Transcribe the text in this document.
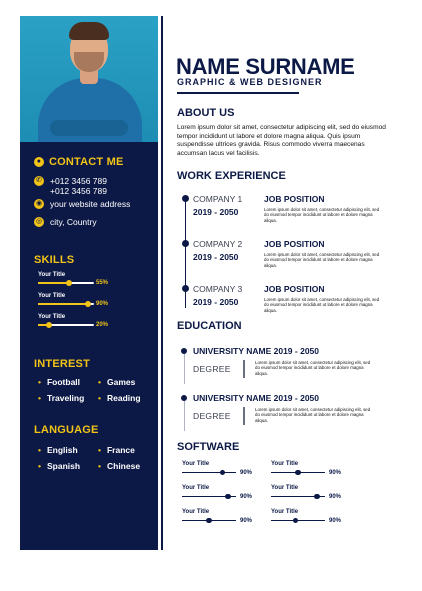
● CONTACT ME
✆ +012 3456 789
+012 3456 789
◉ your website address
◎ city, Country
SKILLS
Your Title
55%
Your Title
90%
Your Title
20%
INTEREST
• Football	• Games
• Traveling	• Reading
LANGUAGE
• English	• France
• Spanish	• Chinese
NAME SURNAME
GRAPHIC & WEB DESIGNER
ABOUT US
Lorem ipsum dolor sit amet, consectetur adipiscing elit, sed do eiusmod tempor incididunt ut labore et dolore magna aliqua. Quis ipsum suspendisse ultrices gravida. Risus commodo viverra maecenas accumsan lacus vel facilisis.
WORK EXPERIENCE
COMPANY 1
2019 - 2050
JOB POSITION
Lorem ipsum dolor sit amet, consectetur adipiscing elit, sed do eiusmod tempor incididunt ut labore et dolore magna aliqua.
COMPANY 2
2019 - 2050
JOB POSITION
Lorem ipsum dolor sit amet, consectetur adipiscing elit, sed do eiusmod tempor incididunt ut labore et dolore magna aliqua.
COMPANY 3
2019 - 2050
JOB POSITION
Lorem ipsum dolor sit amet, consectetur adipiscing elit, sed do eiusmod tempor incididunt ut labore et dolore magna aliqua.
EDUCATION
UNIVERSITY NAME 2019 - 2050
DEGREE
Lorem ipsum dolor sit amet, consectetur adipiscing elit, sed do eiusmod tempor incididunt ut labore et dolore magna aliqua.
UNIVERSITY NAME 2019 - 2050
DEGREE
Lorem ipsum dolor sit amet, consectetur adipiscing elit, sed do eiusmod tempor incididunt ut labore et dolore magna aliqua.
SOFTWARE
Your Title
90%
Your Title
90%
Your Title
90%
Your Title
90%
Your Title
90%
Your Title
90%
